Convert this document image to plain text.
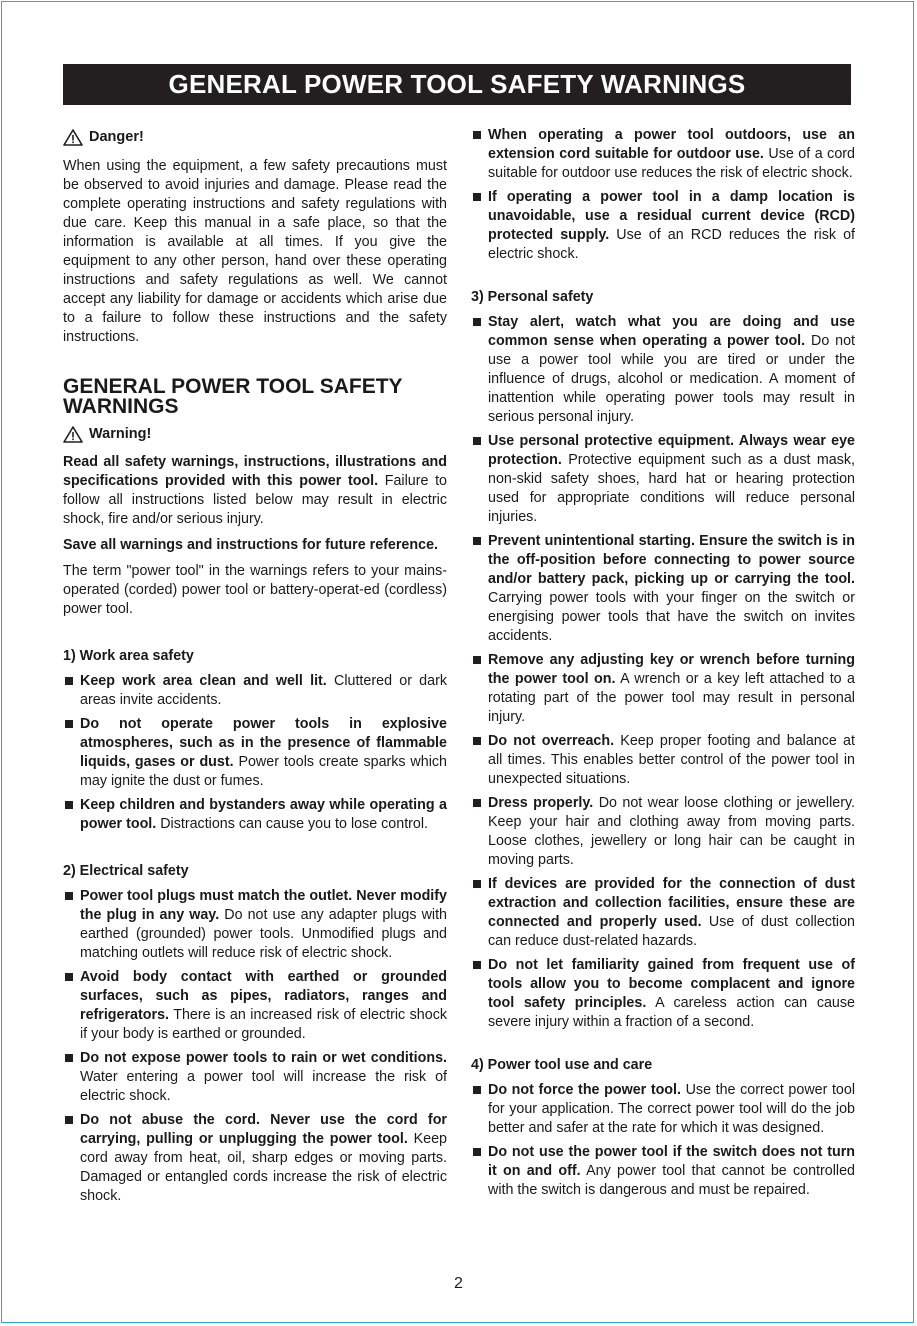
GENERAL POWER TOOL SAFETY WARNINGS
Danger!

When using the equipment, a few safety precautions must be observed to avoid injuries and damage. Please read the complete operating instructions and safety regulations with due care. Keep this manual in a safe place, so that the information is available at all times. If you give the equipment to any other person, hand over these operating instructions and safety regulations as well. We cannot accept any liability for damage or accidents which arise due to a failure to follow these instructions and the safety instructions.

GENERAL POWER TOOL SAFETY WARNINGS
Warning!

Read all safety warnings, instructions, illustrations and specifications provided with this power tool. Failure to follow all instructions listed below may result in electric shock, fire and/or serious injury.

Save all warnings and instructions for future reference.

The term "power tool" in the warnings refers to your mains-operated (corded) power tool or battery-operat-ed (cordless) power tool.

1) Work area safety
Keep work area clean and well lit. Cluttered or dark areas invite accidents.
Do not operate power tools in explosive atmospheres, such as in the presence of flammable liquids, gases or dust. Power tools create sparks which may ignite the dust or fumes.
Keep children and bystanders away while operating a power tool. Distractions can cause you to lose control.
2) Electrical safety
Power tool plugs must match the outlet. Never modify the plug in any way. Do not use any adapter plugs with earthed (grounded) power tools. Unmodified plugs and matching outlets will reduce risk of electric shock.
Avoid body contact with earthed or grounded surfaces, such as pipes, radiators, ranges and refrigerators. There is an increased risk of electric shock if your body is earthed or grounded.
Do not expose power tools to rain or wet conditions. Water entering a power tool will increase the risk of electric shock.
Do not abuse the cord. Never use the cord for carrying, pulling or unplugging the power tool. Keep cord away from heat, oil, sharp edges or moving parts. Damaged or entangled cords increase the risk of electric shock.
When operating a power tool outdoors, use an extension cord suitable for outdoor use. Use of a cord suitable for outdoor use reduces the risk of electric shock.
If operating a power tool in a damp location is unavoidable, use a residual current device (RCD) protected supply. Use of an RCD reduces the risk of electric shock.
3) Personal safety
Stay alert, watch what you are doing and use common sense when operating a power tool. Do not use a power tool while you are tired or under the influence of drugs, alcohol or medication. A moment of inattention while operating power tools may result in serious personal injury.
Use personal protective equipment. Always wear eye protection. Protective equipment such as a dust mask, non-skid safety shoes, hard hat or hearing protection used for appropriate conditions will reduce personal injuries.
Prevent unintentional starting. Ensure the switch is in the off-position before connecting to power source and/or battery pack, picking up or carrying the tool. Carrying power tools with your finger on the switch or energising power tools that have the switch on invites accidents.
Remove any adjusting key or wrench before turning the power tool on. A wrench or a key left attached to a rotating part of the power tool may result in personal injury.
Do not overreach. Keep proper footing and balance at all times. This enables better control of the power tool in unexpected situations.
Dress properly. Do not wear loose clothing or jewellery. Keep your hair and clothing away from moving parts. Loose clothes, jewellery or long hair can be caught in moving parts.
If devices are provided for the connection of dust extraction and collection facilities, ensure these are connected and properly used. Use of dust collection can reduce dust-related hazards.
Do not let familiarity gained from frequent use of tools allow you to become complacent and ignore tool safety principles. A careless action can cause severe injury within a fraction of a second.
4) Power tool use and care
Do not force the power tool. Use the correct power tool for your application. The correct power tool will do the job better and safer at the rate for which it was designed.
Do not use the power tool if the switch does not turn it on and off. Any power tool that cannot be controlled with the switch is dangerous and must be repaired.
2
